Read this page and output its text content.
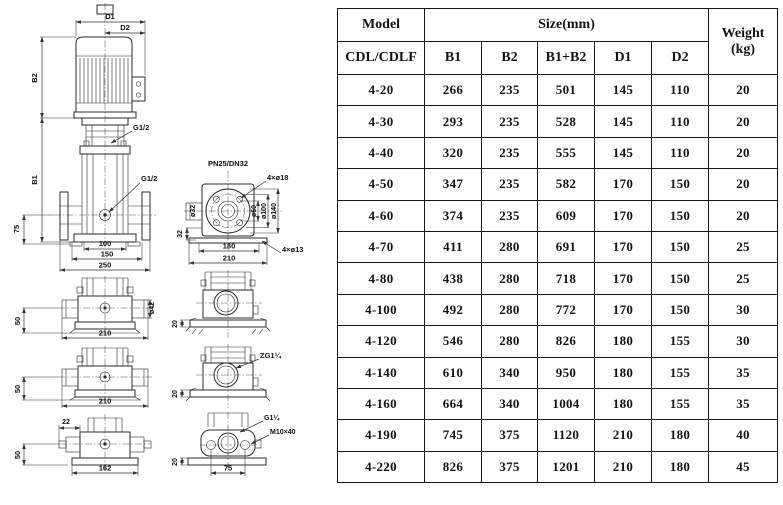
D1
D2
B2
B1
75
100
150
250
G1/2
G1/2
PN25/DN32
4×ø18
ø32	ø60 ø100 ø140
32
180
210
4×ø13
50
210
ø42
50
210
22
50
162
20
ZG1¼
20
G1¼
M10×40
20
75
Model	Size(mm)					Weight
(kg)

CDL/CDLF	B1	B2	B1+B2	D1	D2	
4-20	266	235	501	145	110	20
4-30	293	235	528	145	110	20
4-40	320	235	555	145	110	20
4-50	347	235	582	170	150	20
4-60	374	235	609	170	150	20
4-70	411	280	691	170	150	25
4-80	438	280	718	170	150	25
4-100	492	280	772	170	150	30
4-120	546	280	826	180	155	30
4-140	610	340	950	180	155	35
4-160	664	340	1004	180	155	35
4-190	745	375	1120	210	180	40
4-220	826	375	1201	210	180	45
